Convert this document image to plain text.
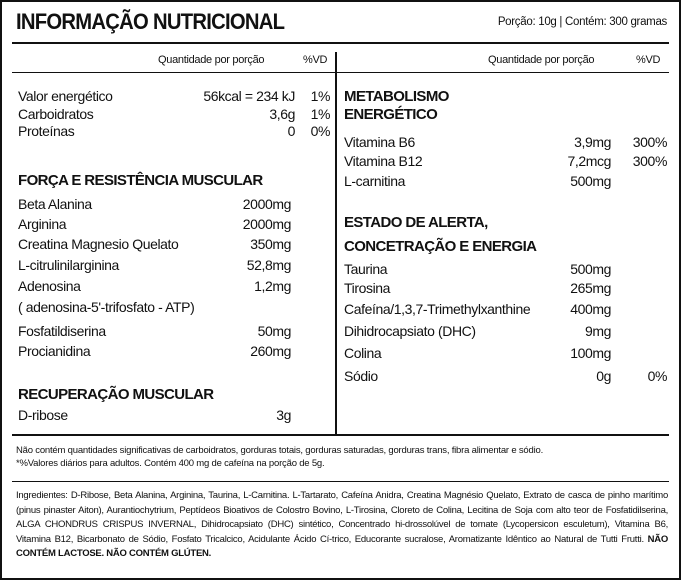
INFORMAÇÃO NUTRICIONAL	Porção: 10g | Contém: 300 gramas
Quantidade por porção	%VD	Quantidade por porção	%VD
Valor energético	56kcal = 234 kJ 1%
Carboidratos	3,6g 1%
Proteínas	0 0%
FORÇA E RESISTÊNCIA MUSCULAR
Beta Alanina	2000mg
Arginina	2000mg
Creatina Magnesio Quelato	350mg
L-citrulinilarginina	52,8mg
Adenosina	1,2mg
( adenosina-5'-trifosfato - ATP)
Fosfatildiserina	50mg
Procianidina	260mg
RECUPERAÇÃO MUSCULAR
D-ribose	3g
METABOLISMO
ENERGÉTICO
Vitamina B6	3,9mg 300%
Vitamina B12	7,2mcg 300%
L-carnitina	500mg
ESTADO DE ALERTA,
CONCETRAÇÃO E ENERGIA
Taurina	500mg
Tirosina	265mg
Cafeína/1,3,7-Trimethylxanthine	400mg
Dihidrocapsiato (DHC)	9mg
Colina	100mg
Sódio	0g	0%
Não contém quantidades significativas de carboidratos, gorduras totais, gorduras saturadas, gorduras trans, fibra alimentar e sódio.
*%Valores diários para adultos. Contém 400 mg de cafeína na porção de 5g.
Ingredientes: D-Ribose, Beta Alanina, Arginina, Taurina, L-Carnitina. L-Tartarato, Cafeína Anidra, Creatina Magnésio Quelato, Extrato de casca de pinho marítimo (pinus pinaster Aiton), Aurantiochytrium, Peptídeos Bioativos de Colostro Bovino, L-Tirosina, Cloreto de Colina, Lecitina de Soja com alto teor de Fosfatidilserina, ALGA CHONDRUS CRISPUS INVERNAL, Dihidrocapsiato (DHC) sintético, Concentrado hi-drossolúvel de tomate (Lycopersicon esculetum), Vitamina B6, Vitamina B12, Bicarbonato de Sódio, Fosfato Tricalcico, Acidulante Ácido Cí-trico, Educorante sucralose, Aromatizante Idêntico ao Natural de Tutti Frutti. NÃO CONTÉM LACTOSE. NÃO CONTÉM GLÚTEN.
